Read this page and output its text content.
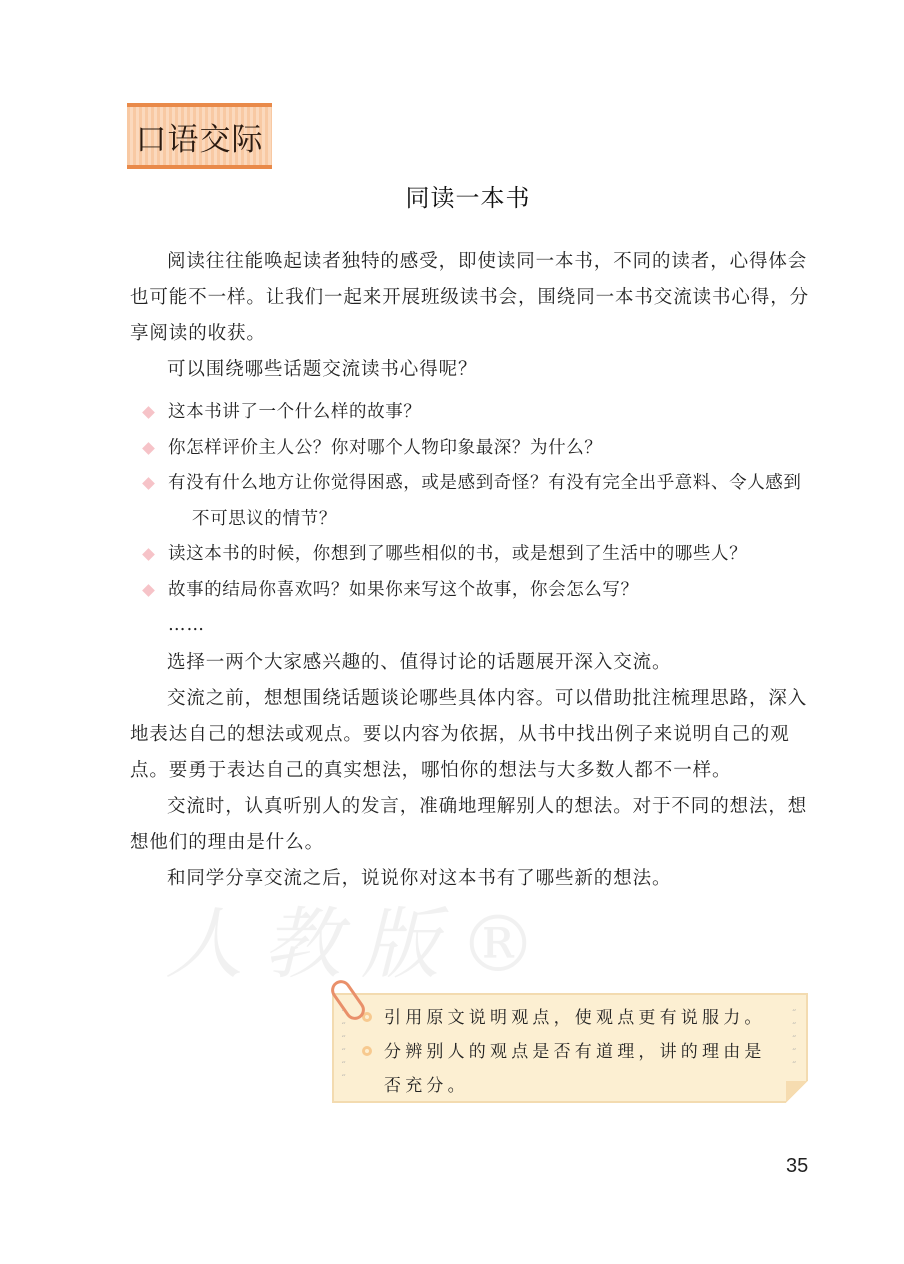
人教版®
口语交际
同读一本书

阅读往往能唤起读者独特的感受，即使读同一本书，不同的读者，心得体会也可能不一样。让我们一起来开展班级读书会，围绕同一本书交流读书心得，分享阅读的收获。

可以围绕哪些话题交流读书心得呢？

这本书讲了一个什么样的故事？
你怎样评价主人公？你对哪个人物印象最深？为什么？
有没有什么地方让你觉得困惑，或是感到奇怪？有没有完全出乎意料、令人感到不可思议的情节？
读这本书的时候，你想到了哪些相似的书，或是想到了生活中的哪些人？
故事的结局你喜欢吗？如果你来写这个故事，你会怎么写？
……

选择一两个大家感兴趣的、值得讨论的话题展开深入交流。

交流之前，想想围绕话题谈论哪些具体内容。可以借助批注梳理思路，深入地表达自己的想法或观点。要以内容为依据，从书中找出例子来说明自己的观点。要勇于表达自己的真实想法，哪怕你的想法与大多数人都不一样。

交流时，认真听别人的发言，准确地理解别人的想法。对于不同的想法，想想他们的理由是什么。

和同学分享交流之后，说说你对这本书有了哪些新的想法。

˶
˶
˶
˶
˶
˶
˶
˶
˶
˶
˶
引用原文说明观点，使观点更有说服力。
分辨别人的观点是否有道理，讲的理由是否充分。
35
